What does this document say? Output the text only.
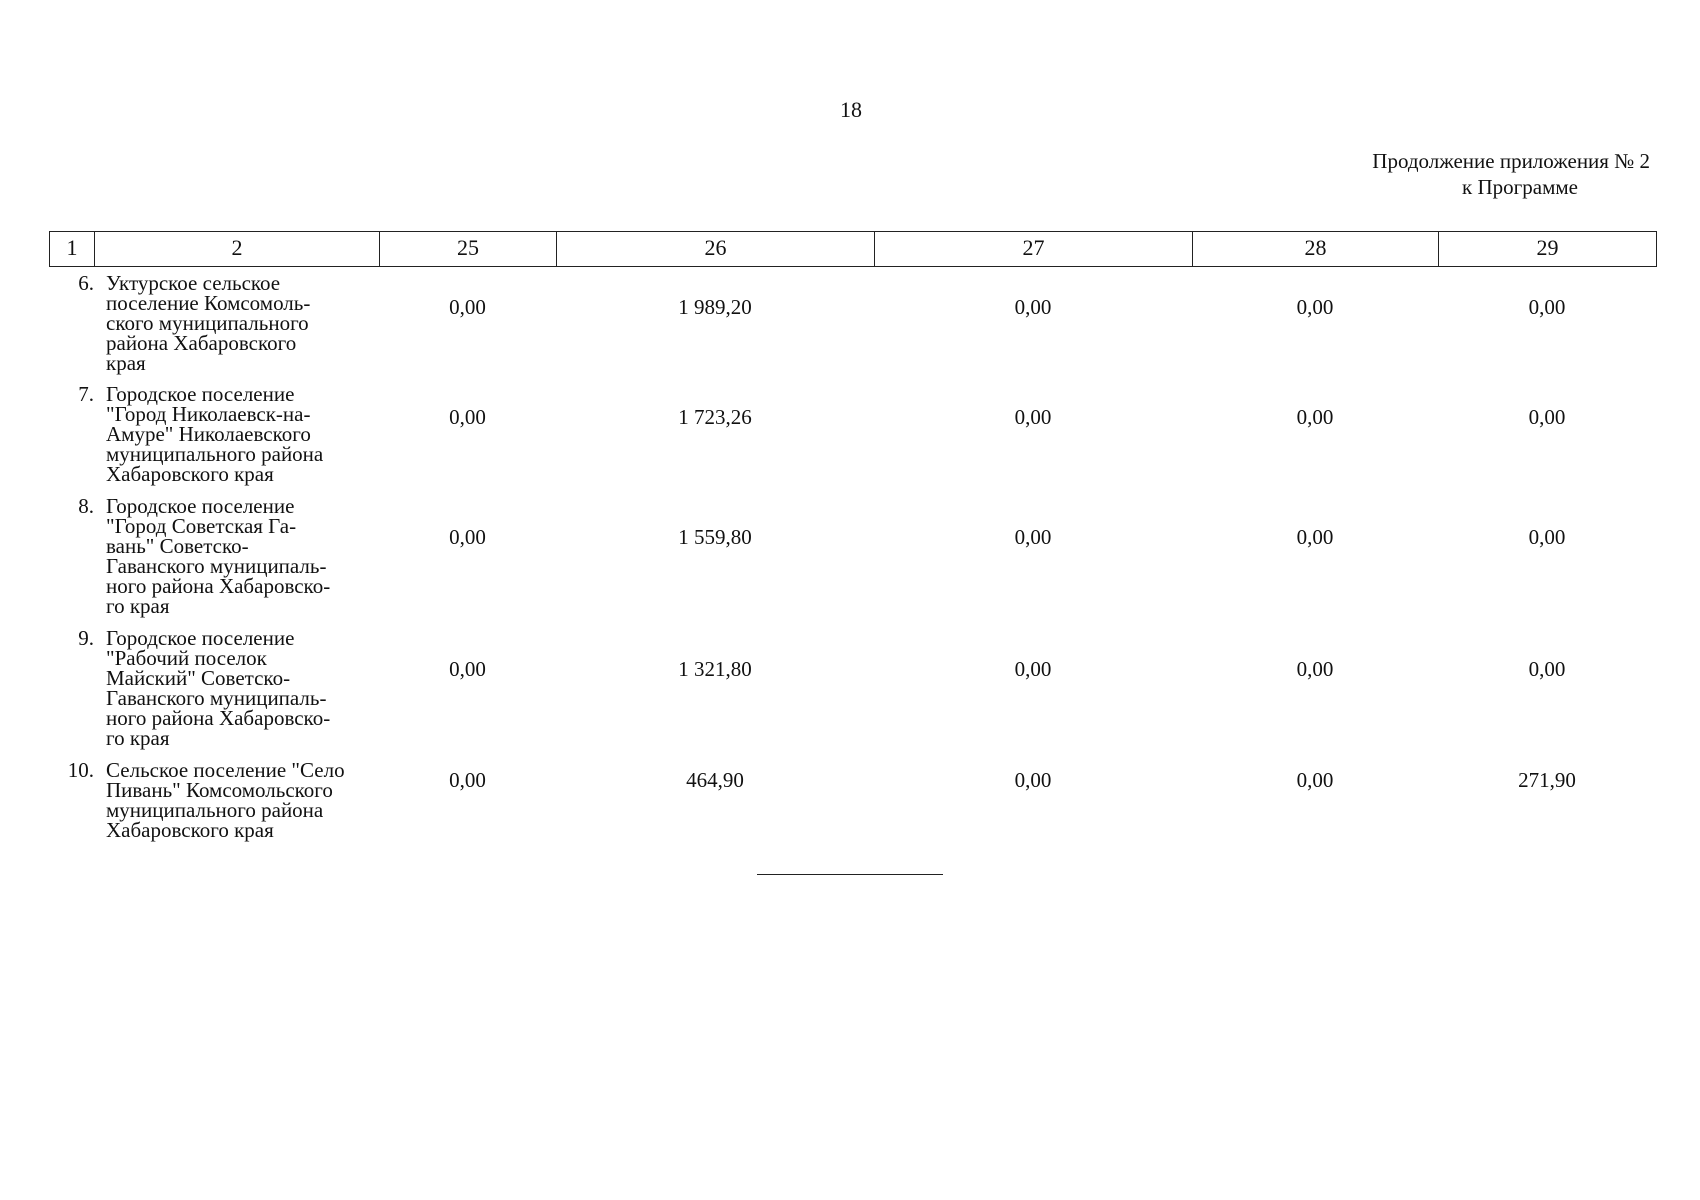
18
Продолжение приложения № 2
к Программе
1	2	25	26	27	28	29
6. Уктурское сельское
поселение Комсомоль-
ского муниципального
района Хабаровского
края
0,00	1 989,20	0,00	0,00	0,00
7. Городское поселение
"Город Николаевск-на-
Амуре" Николаевского
муниципального района
Хабаровского края
0,00	1 723,26	0,00	0,00	0,00
8. Городское поселение
"Город Советская Га-
вань" Советско-
Гаванского муниципаль-
ного района Хабаровско-
го края
0,00	1 559,80	0,00	0,00	0,00
9. Городское поселение
"Рабочий поселок
Майский" Советско-
Гаванского муниципаль-
ного района Хабаровско-
го края
0,00	1 321,80	0,00	0,00	0,00
10. Сельское поселение "Село
Пивань" Комсомольского
муниципального района
Хабаровского края
0,00	464,90	0,00	0,00	271,90
